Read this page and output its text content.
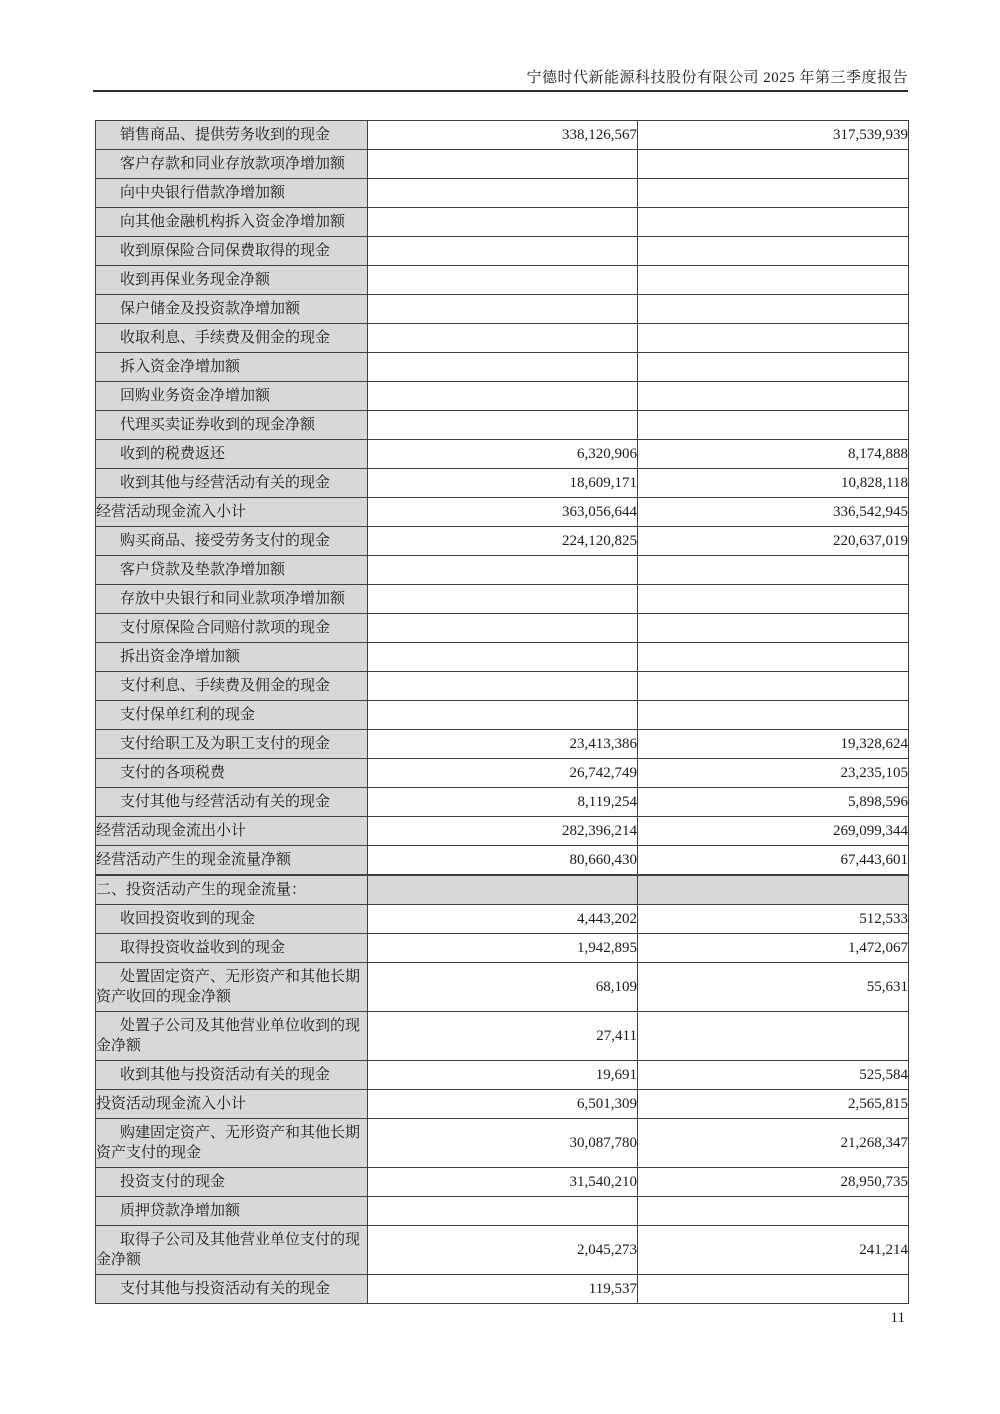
宁德时代新能源科技股份有限公司 2025 年第三季度报告
销售商品、提供劳务收到的现金	338,126,567	317,539,939
客户存款和同业存放款项净增加额		
向中央银行借款净增加额		
向其他金融机构拆入资金净增加额		
收到原保险合同保费取得的现金		
收到再保业务现金净额		
保户储金及投资款净增加额		
收取利息、手续费及佣金的现金		
拆入资金净增加额		
回购业务资金净增加额		
代理买卖证券收到的现金净额		
收到的税费返还	6,320,906	8,174,888
收到其他与经营活动有关的现金	18,609,171	10,828,118
经营活动现金流入小计	363,056,644	336,542,945
购买商品、接受劳务支付的现金	224,120,825	220,637,019
客户贷款及垫款净增加额		
存放中央银行和同业款项净增加额		
支付原保险合同赔付款项的现金		
拆出资金净增加额		
支付利息、手续费及佣金的现金		
支付保单红利的现金		
支付给职工及为职工支付的现金	23,413,386	19,328,624
支付的各项税费	26,742,749	23,235,105
支付其他与经营活动有关的现金	8,119,254	5,898,596
经营活动现金流出小计	282,396,214	269,099,344
经营活动产生的现金流量净额	80,660,430	67,443,601
二、投资活动产生的现金流量：		
收回投资收到的现金	4,443,202	512,533
取得投资收益收到的现金	1,942,895	1,472,067
处置固定资产、无形资产和其他长期资产收回的现金净额	68,109	55,631
处置子公司及其他营业单位收到的现金净额	27,411	
收到其他与投资活动有关的现金	19,691	525,584
投资活动现金流入小计	6,501,309	2,565,815
购建固定资产、无形资产和其他长期资产支付的现金	30,087,780	21,268,347
投资支付的现金	31,540,210	28,950,735
质押贷款净增加额		
取得子公司及其他营业单位支付的现金净额	2,045,273	241,214
支付其他与投资活动有关的现金	119,537	
11
